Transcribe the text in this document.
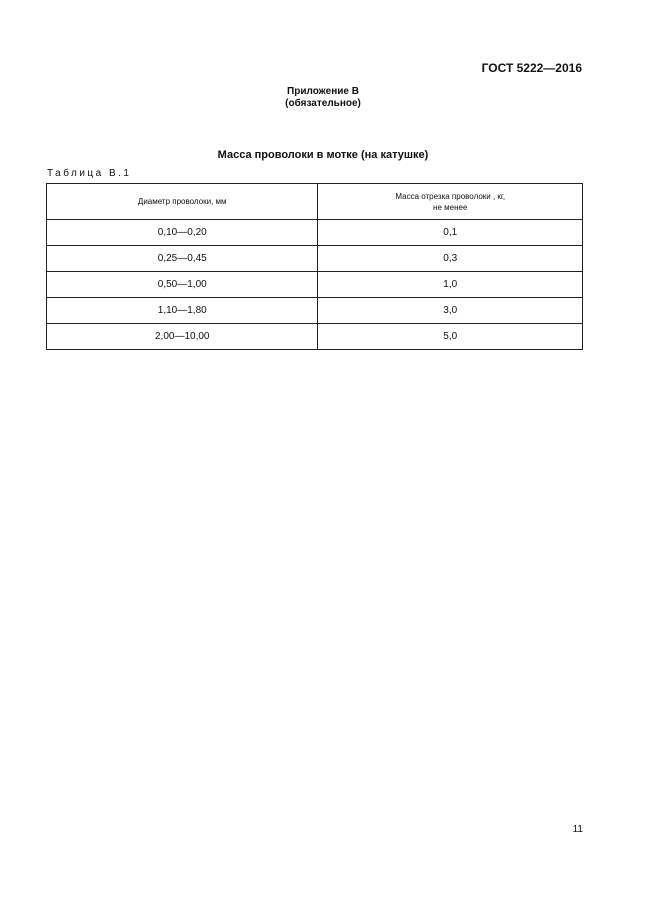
ГОСТ 5222—2016
Приложение В
(обязательное)
Масса проволоки в мотке (на катушке)
Таблица В.1
Диаметр проволоки, мм	Масса отрезка проволоки , кг,
не менее

0,10—0,20	0,1
0,25—0,45	0,3
0,50—1,00	1,0
1,10—1,80	3,0
2,00—10,00	5,0
11
